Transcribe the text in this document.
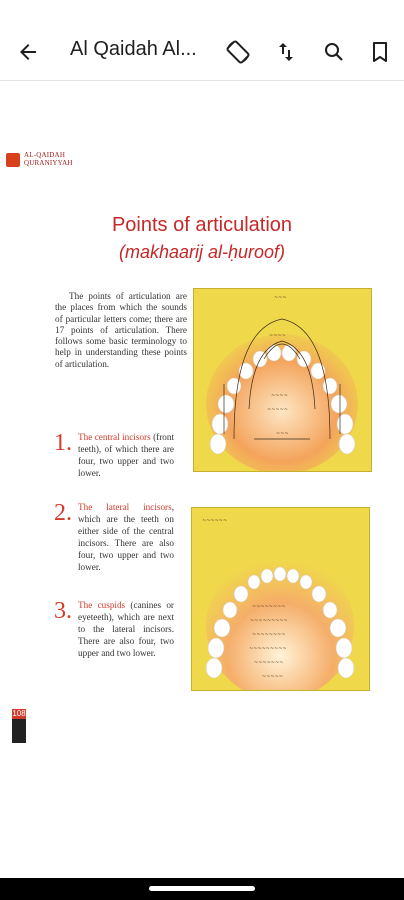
Al Qaidah Al...
AL-QAIDAH
QURANIYYAH
Points of articulation
(makhaarij al-ḥuroof)
The points of articulation are the places from which the sounds of particular letters come; there are 17 points of articulation. There follows some basic terminology to help in understanding these points of articulation.
1. The central incisors (front teeth), of which there are four, two upper and two lower.
2. The lateral incisors, which are the teeth on either side of the central incisors. There are also four, two upper and two lower.
3. The cuspids (canines or eyeteeth), which are next to the lateral incisors. There are also four, two upper and two lower.
~~~
~~~~
~~~~
~~~~~
~~~
~~~~~~
~~~~~~~~
~~~~~~~~~
~~~~~~~~
~~~~~~~~~
~~~~~~~
~~~~~
108
